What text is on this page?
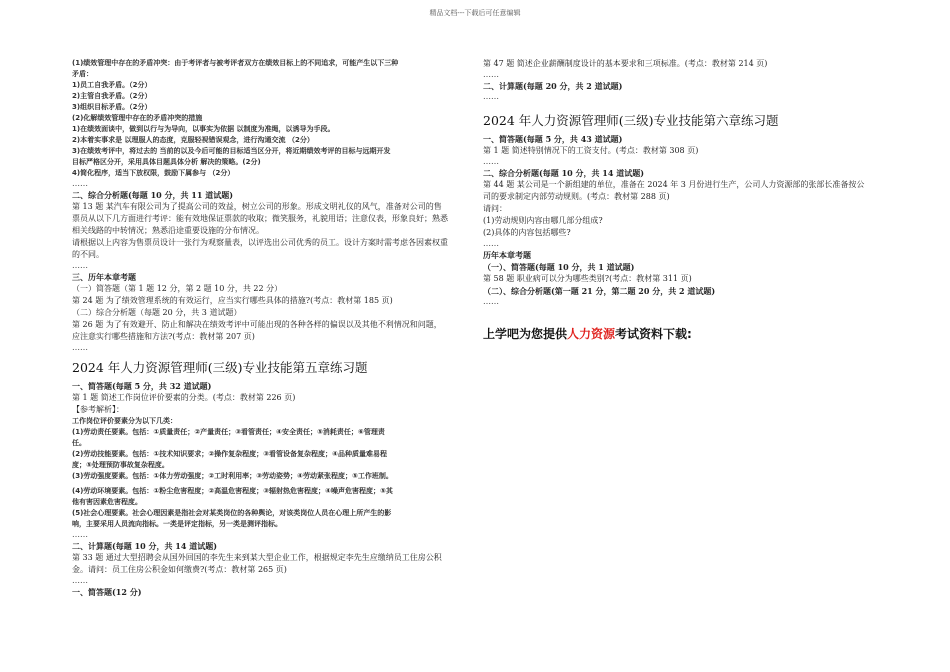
精品文档---下载后可任意编辑

(1)绩效管理中存在的矛盾冲突：由于考评者与被考评者双方在绩效目标上的不同追求，可能产生以下三种

矛盾：

1)员工自我矛盾。（2分）

2)主管自我矛盾。（2分）

3)组织目标矛盾。（2分）

(2)化解绩效管理中存在的矛盾冲突的措施

1)在绩效面谈中，做到以行与为导向，以事实为依据 以制度为准绳，以诱导为手段。

2)本着实事求是 以理服人的态度，克服轻视错误观念，进行沟通交流 （2分）

3)在绩效考评中，将过去的 当前的以及今后可能的目标适当区分开，将近期绩效考评的目标与远期开发

目标严格区分开，采用具体目题具体分析 解决的策略。(2分)

4)简化程序，适当下放权限，鼓励下属参与 （2分）

……

二、综合分析题(每题 10 分，共 11 道试题)

第 13 题 某汽车有限公司为了提高公司的效益，树立公司的形象。形成文明礼仪的风气，准备对公司的售

票员从以下几方面进行考评：能有效地保证票款的收取；微笑服务，礼貌用语；注意仪表，形象良好；熟悉

相关线路的中转情况；熟悉沿途重要设施的分布情况。

请根据以上内容为售票员设计一张行为观察量表，以评选出公司优秀的员工。设计方案时需考虑各因素权重

的不同。

……

三、历年本章考题

（一）简答题（第 1 题 12 分，第 2 题 10 分，共 22 分）

第 24 题 为了绩效管理系统的有效运行，应当实行哪些具体的措施?(考点：教材第 185 页)

（二）综合分析题（每题 20 分，共 3 道试题）

第 26 题 为了有效避开、防止和解决在绩效考评中可能出现的各种各样的偏误以及其他不利情况和问题，

应注意实行哪些措施和方法?(考点：教材第 207 页)

……

2024 年人力资源管理师(三级)专业技能第五章练习题

一、简答题(每题 5 分，共 32 道试题)

第 1 题 简述工作岗位评价要素的分类。(考点：教材第 226 页)

【参考解析】：

工作岗位评价要素分为以下几类：

(1)劳动责任要素。包括：①质量责任；②产量责任；③看管责任；④安全责任；⑤消耗责任；⑥管理责

任。

(2)劳动技能要素。包括：①技术知识要求；②操作复杂程度；③看管设备复杂程度；④品种质量难易程

度；⑤处理预防事故复杂程度。

(3)劳动强度要素。包括：①体力劳动强度；②工时利用率；③劳动姿势；④劳动紧张程度；⑤工作班制。

(4)劳动环境要素。包括：①粉尘危害程度；②高温危害程度；③辐射热危害程度；④噪声危害程度；⑤其

他有害因素危害程度。

(5)社会心理要素。社会心理因素是指社会对某类岗位的各种舆论，对该类岗位人员在心理上所产生的影

响，主要采用人员流向指标。一类是评定指标，另一类是测评指标。

……

二、计算题(每题 10 分，共 14 道试题)

第 33 题 通过大型招聘会从国外回国的李先生来到某大型企业工作，根据规定李先生应缴纳员工住房公积

金。请问：员工住房公积金如何缴费?(考点：教材第 265 页)

……

一、简答题(12 分)

第 47 题 简述企业薪酬制度设计的基本要求和三项标准。(考点：教材第 214 页)

……

二、计算题(每题 20 分，共 2 道试题)

……

2024 年人力资源管理师(三级)专业技能第六章练习题

一、简答题(每题 5 分，共 43 道试题)

第 1 题 简述特别情况下的工资支付。(考点：教材第 308 页)

……

二、综合分析题(每题 10 分，共 14 道试题)

第 44 题 某公司是一个新组建的单位，准备在 2024 年 3 月份进行生产，公司人力资源部的张部长准备按公

司的要求制定内部劳动规则。(考点：教材第 288 页)

请问：

(1)劳动规则内容由哪几部分组成?

(2)具体的内容包括哪些?

……

历年本章考题

（一）、简答题(每题 10 分，共 1 道试题)

第 58 题 职业病可以分为哪些类别?(考点：教材第 311 页)

（二）、综合分析题(第一题 21 分，第二题 20 分，共 2 道试题)

……

上学吧为您提供人力资源考试资料下载:
